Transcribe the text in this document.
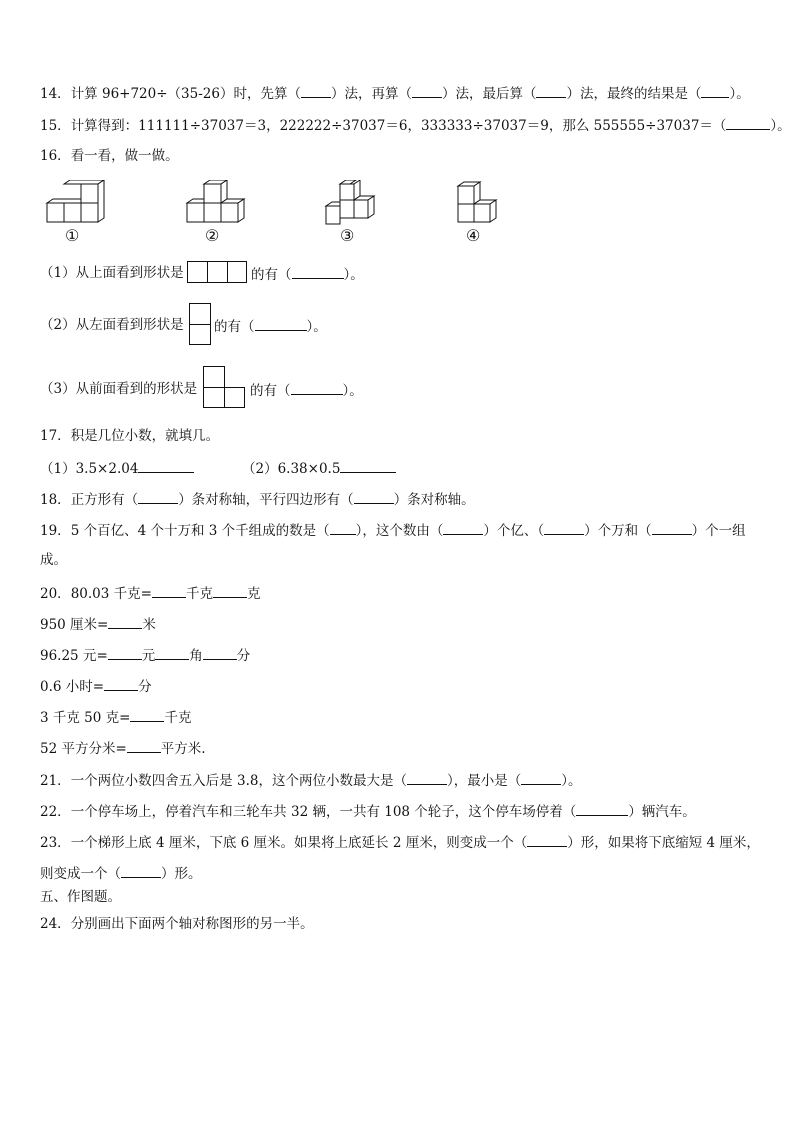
14．计算 96+720÷（35-26）时，先算（ ）法，再算（ ）法，最后算（ ）法，最终的结果是（ ）。
15．计算得到：111111÷37037＝3，222222÷37037＝6，333333÷37037＝9，那么 555555÷37037＝（	）。
16．看一看，做一做。
①	②	③	④
（1）从上面看到形状是	的有（	）。
（2）从左面看到形状是 的有（	）。
（3）从前面看到的形状是	的有（	）。
17．积是几位小数，就填几。
（1）3.5×2.04	（2）6.38×0.5
18．正方形有（	）条对称轴，平行四边形有（	）条对称轴。
19．5 个百亿、4 个十万和 3 个千组成的数是（ ），这个数由（	）个亿、（	）个万和（	）个一组
成。
20．80.03 千克=	千克	克
950 厘米=	米
96.25 元=	元	角	分
0.6 小时=	分
3 千克 50 克=	千克
52 平方分米=	平方米.
21．一个两位小数四舍五入后是 3.8，这个两位小数最大是（	），最小是（	）。
22．一个停车场上，停着汽车和三轮车共 32 辆，一共有 108 个轮子，这个停车场停着（	）辆汽车。
23．一个梯形上底 4 厘米，下底 6 厘米。如果将上底延长 2 厘米，则变成一个（	）形，如果将下底缩短 4 厘米，
则变成一个（	）形。
五、作图题。
24．分别画出下面两个轴对称图形的另一半。
